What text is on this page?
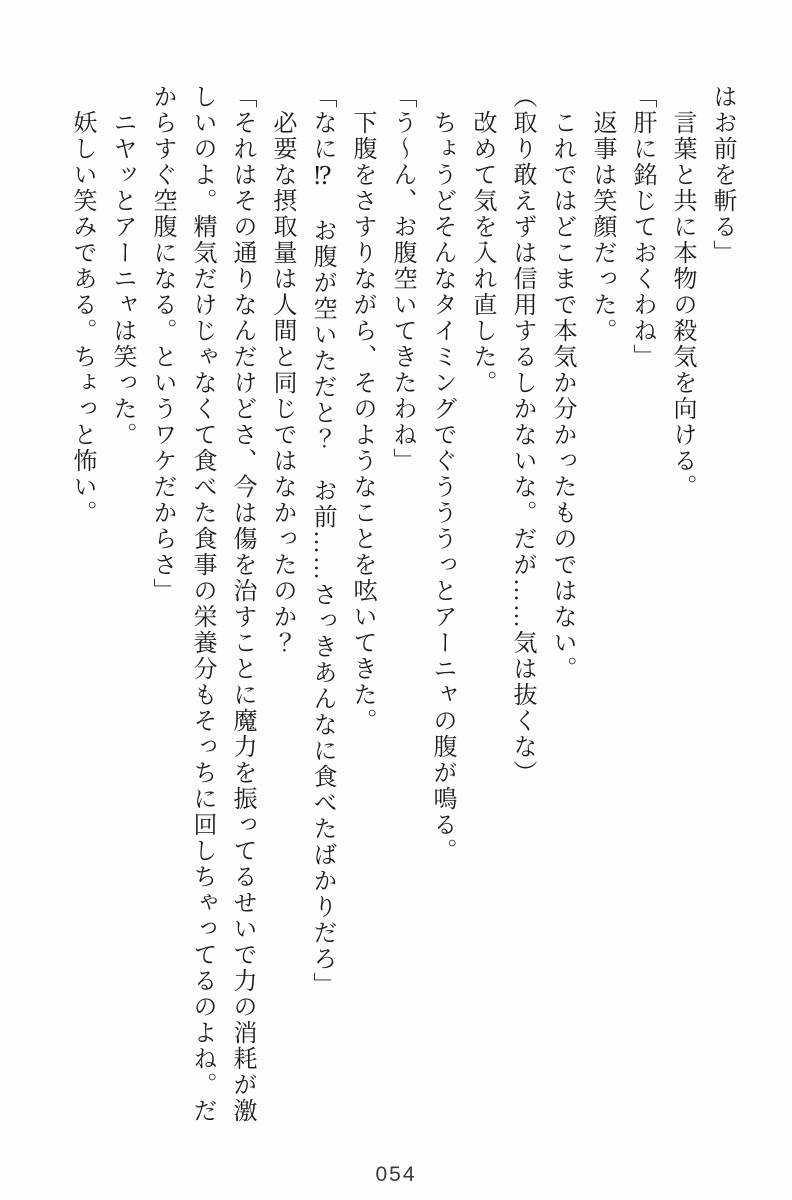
はお前を斬る」
言葉と共に本物の殺気を向ける。
「肝に銘じておくわね」
返事は笑顔だった。
これではどこまで本気か分かったものではない。
（取り敢えずは信用するしかないな。だが……気は抜くな）
改めて気を入れ直した。
ちょうどそんなタイミングでぐうううっとアーニャの腹が鳴る。
「う〜ん、お腹空いてきたわね」
下腹をさすりながら、そのようなことを呟いてきた。
「なに⁉　お腹が空いただと？　お前……さっきあんなに食べたばかりだろ」
必要な摂取量は人間と同じではなかったのか？
「それはその通りなんだけどさ、今は傷を治すことに魔力を振ってるせいで力の消耗が激
しいのよ。精気だけじゃなくて食べた食事の栄養分もそっちに回しちゃってるのよね。だ
からすぐ空腹になる。というワケだからさ」
ニヤッとアーニャは笑った。
妖しい笑みである。ちょっと怖い。
054
